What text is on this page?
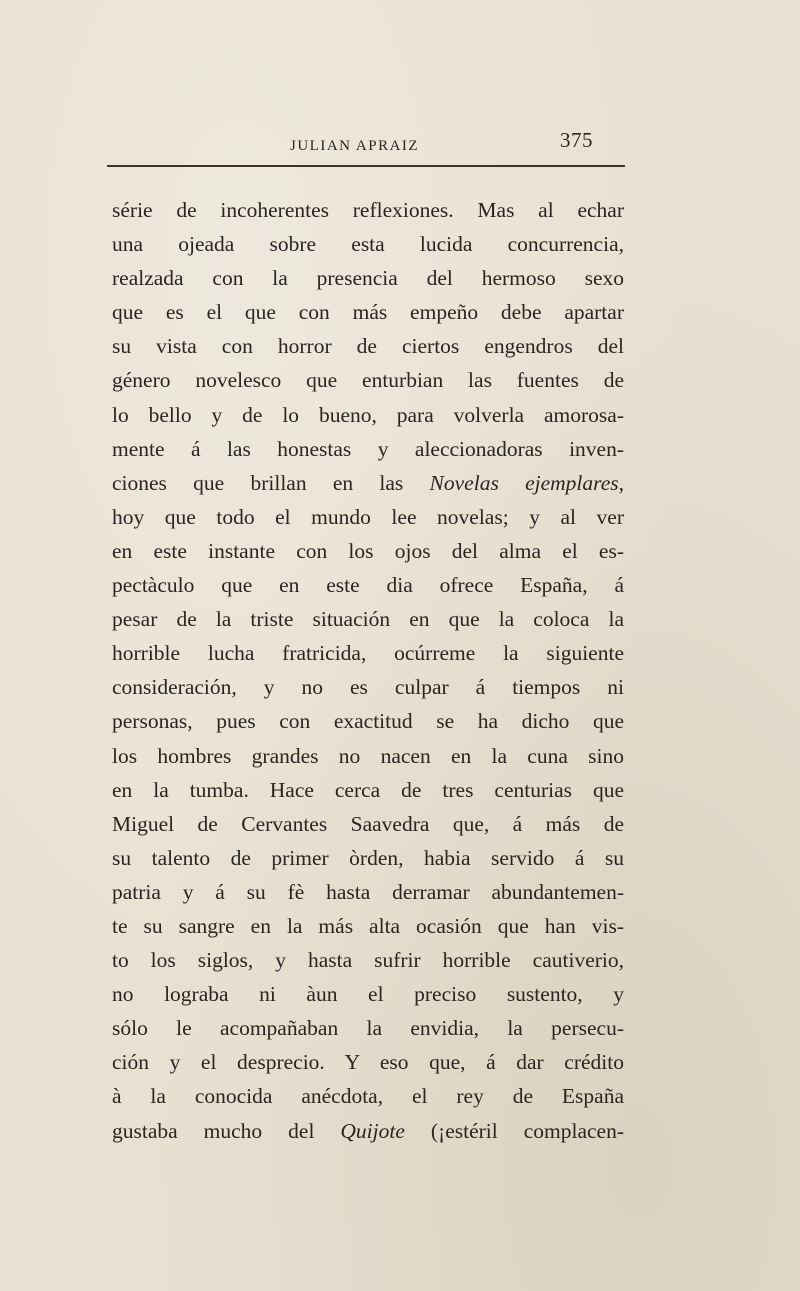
JULIAN APRAIZ	375
série de incoherentes reflexiones. Mas al echar
una ojeada sobre esta lucida concurrencia,
realzada con la presencia del hermoso sexo
que es el que con más empeño debe apartar
su vista con horror de ciertos engendros del
género novelesco que enturbian las fuentes de
lo bello y de lo bueno, para volverla amorosa-
mente á las honestas y aleccionadoras inven-
ciones que brillan en las Novelas ejemplares,
hoy que todo el mundo lee novelas; y al ver
en este instante con los ojos del alma el es-
pectàculo que en este dia ofrece España, á
pesar de la triste situación en que la coloca la
horrible lucha fratricida, ocúrreme la siguiente
consideración, y no es culpar á tiempos ni
personas, pues con exactitud se ha dicho que
los hombres grandes no nacen en la cuna sino
en la tumba. Hace cerca de tres centurias que
Miguel de Cervantes Saavedra que, á más de
su talento de primer òrden, habia servido á su
patria y á su fè hasta derramar abundantemen-
te su sangre en la más alta ocasión que han vis-
to los siglos, y hasta sufrir horrible cautiverio,
no lograba ni àun el preciso sustento, y
sólo le acompañaban la envidia, la persecu-
ción y el desprecio. Y eso que, á dar crédito
à la conocida anécdota, el rey de España
gustaba mucho del Quijote (¡estéril complacen-
